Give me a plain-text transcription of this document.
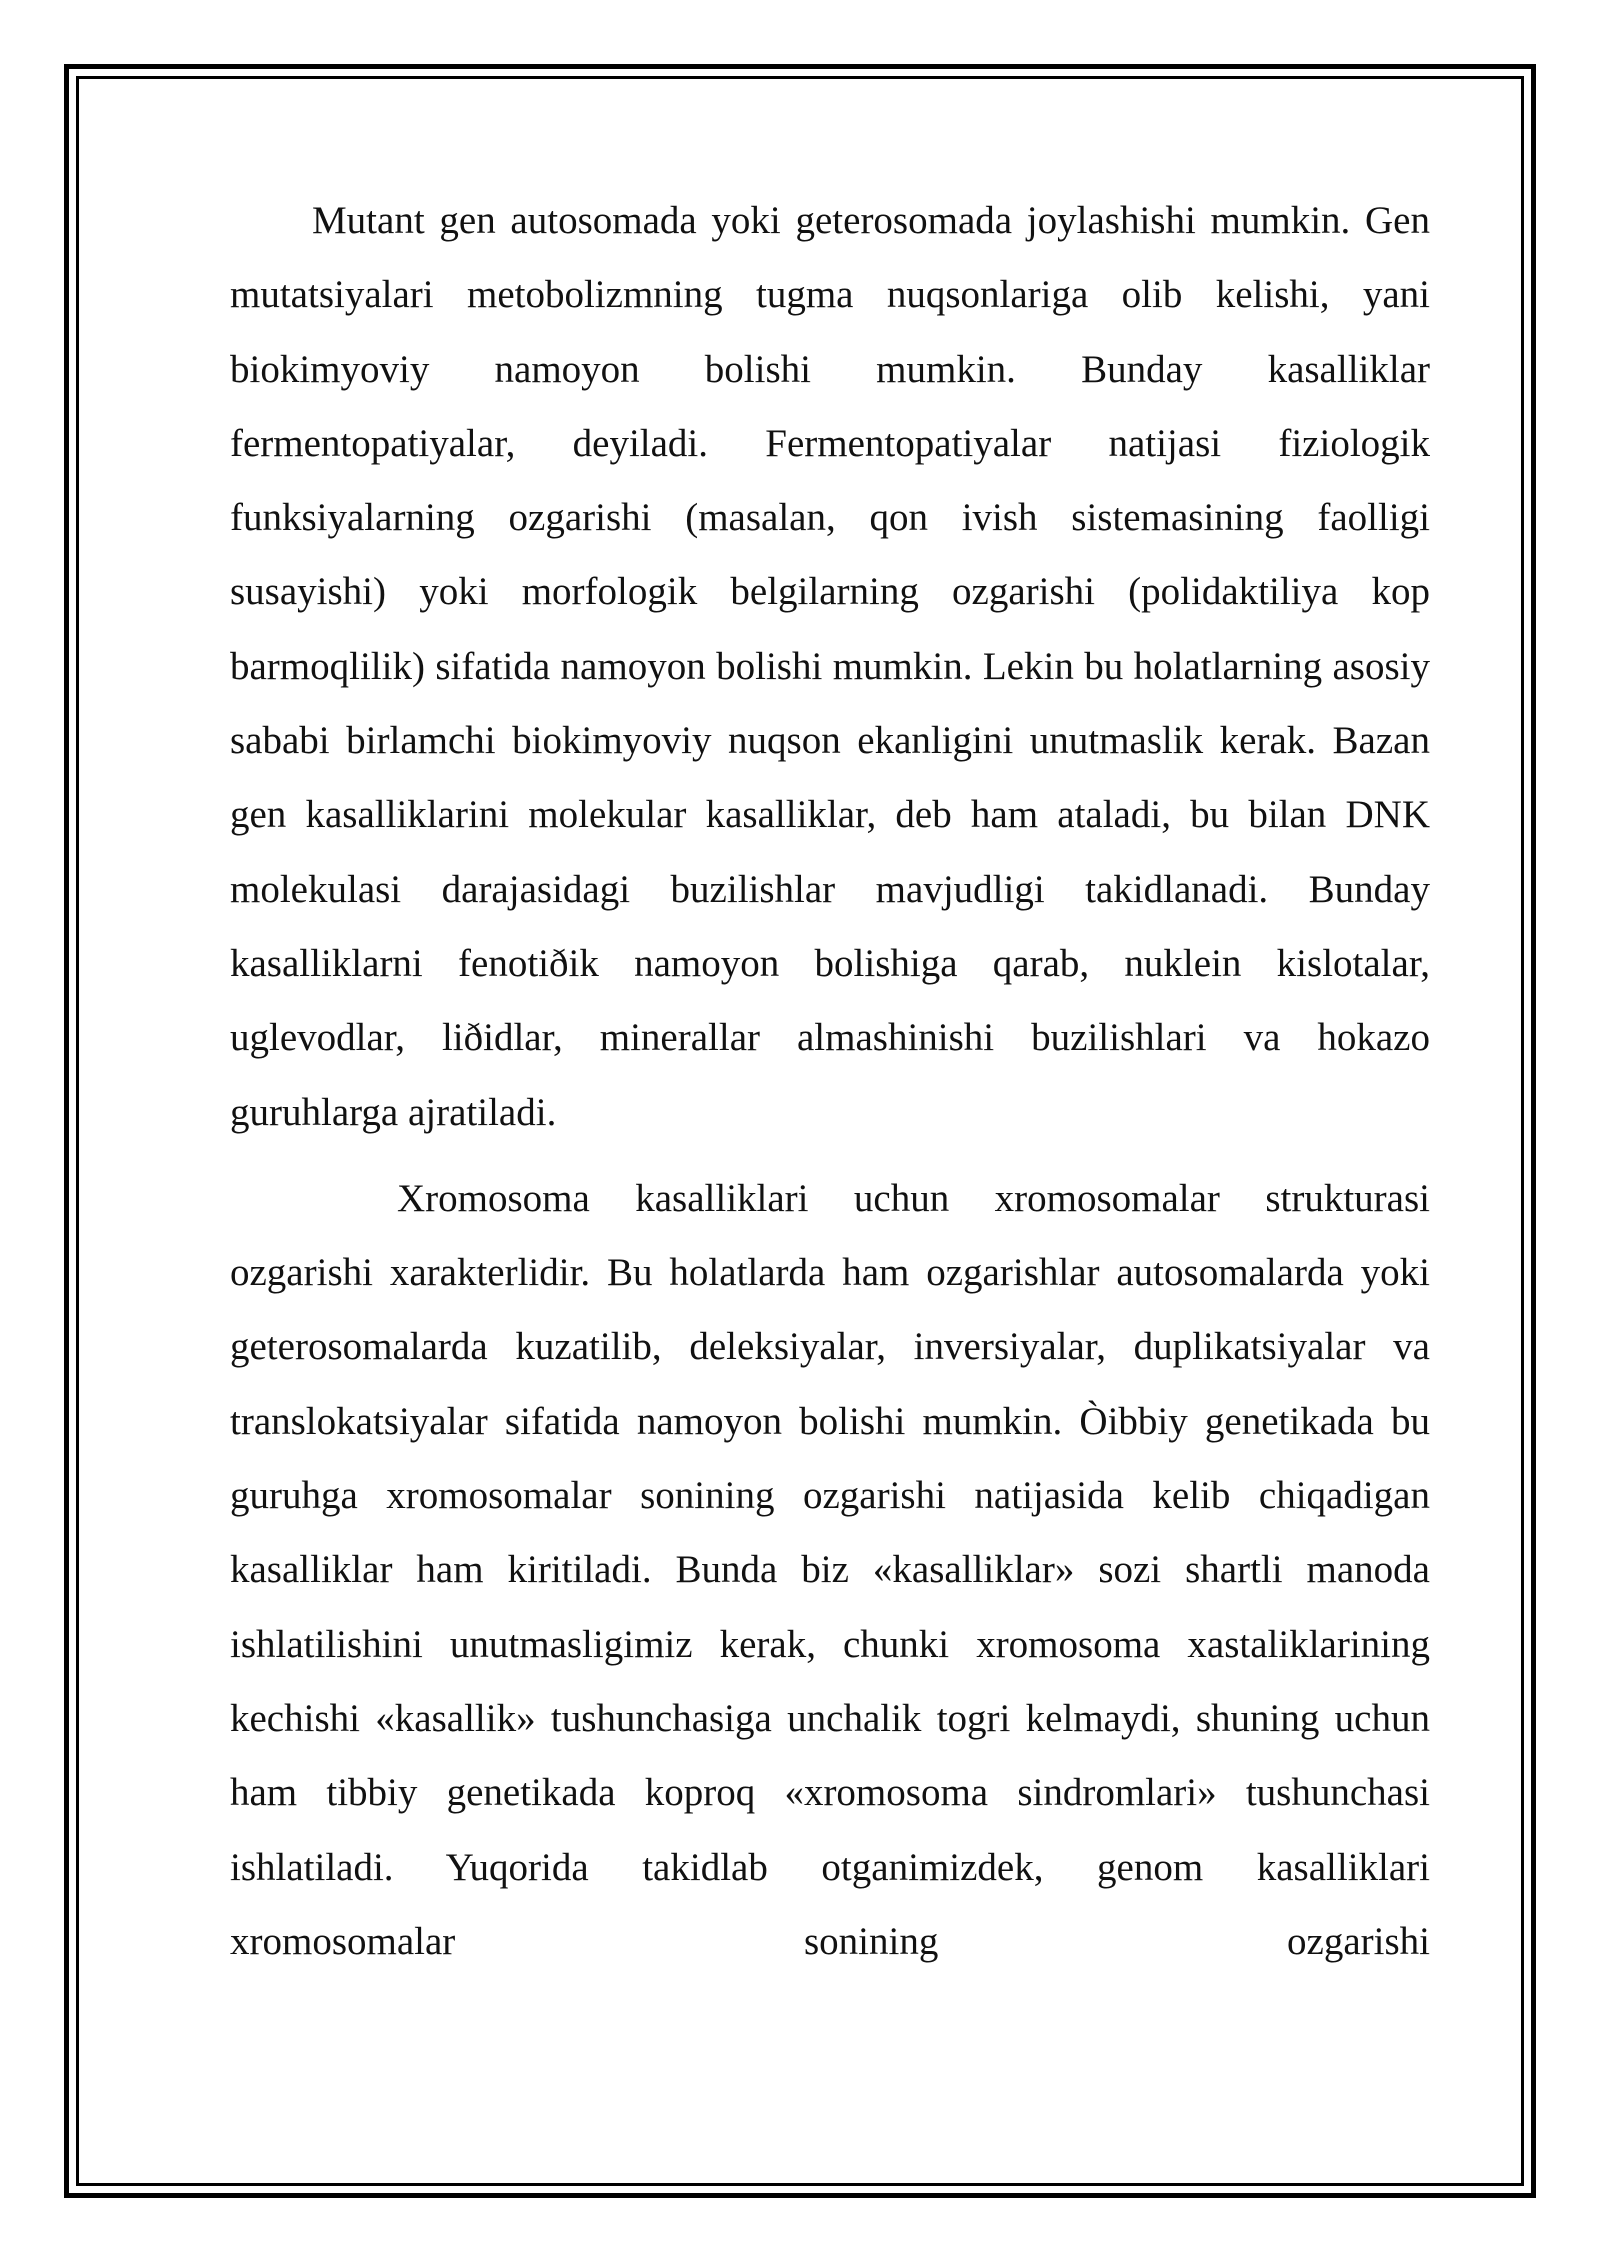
Mutant gen autosomada yoki geterosomada joylashishi mumkin. Gen mutatsiyalari metobolizmning tugma nuqsonlariga olib kelishi, yani biokimyoviy namoyon bolishi mumkin. Bunday kasalliklar fermentopatiyalar, deyiladi. Fermentopatiyalar natijasi fiziologik funksiyalarning ozgarishi (masalan, qon ivish sistemasining faolligi susayishi) yoki morfologik belgilarning ozgarishi (polidaktiliya kop barmoqlilik) sifatida namoyon bolishi mumkin. Lekin bu holatlarning asosiy sababi birlamchi biokimyoviy nuqson ekanligini unutmaslik kerak. Bazan gen kasalliklarini molekular kasalliklar, deb ham ataladi, bu bilan DNK molekulasi darajasidagi buzilishlar mavjudligi takidlanadi. Bunday kasalliklarni fenotiðik namoyon bolishiga qarab, nuklein kislotalar, uglevodlar, liðidlar, minerallar almashinishi buzilishlari va hokazo guruhlarga ajratiladi.

Xromosoma kasalliklari uchun xromosomalar strukturasi ozgarishi xarakterlidir. Bu holatlarda ham ozgarishlar autosomalarda yoki geterosomalarda kuzatilib, deleksiyalar, inversiyalar, duplikatsiyalar va translokatsiyalar sifatida namoyon bolishi mumkin. Òibbiy genetikada bu guruhga xromosomalar sonining ozgarishi natijasida kelib chiqadigan kasalliklar ham kiritiladi. Bunda biz «kasalliklar» sozi shartli manoda ishlatilishini unutmasligimiz kerak, chunki xromosoma xastaliklarining kechishi «kasallik» tushunchasiga unchalik togri kelmaydi, shuning uchun ham tibbiy genetikada koproq «xromosoma sindromlari» tushunchasi ishlatiladi. Yuqorida takidlab otganimizdek, genom kasalliklari xromosomalar sonining ozgarishi
